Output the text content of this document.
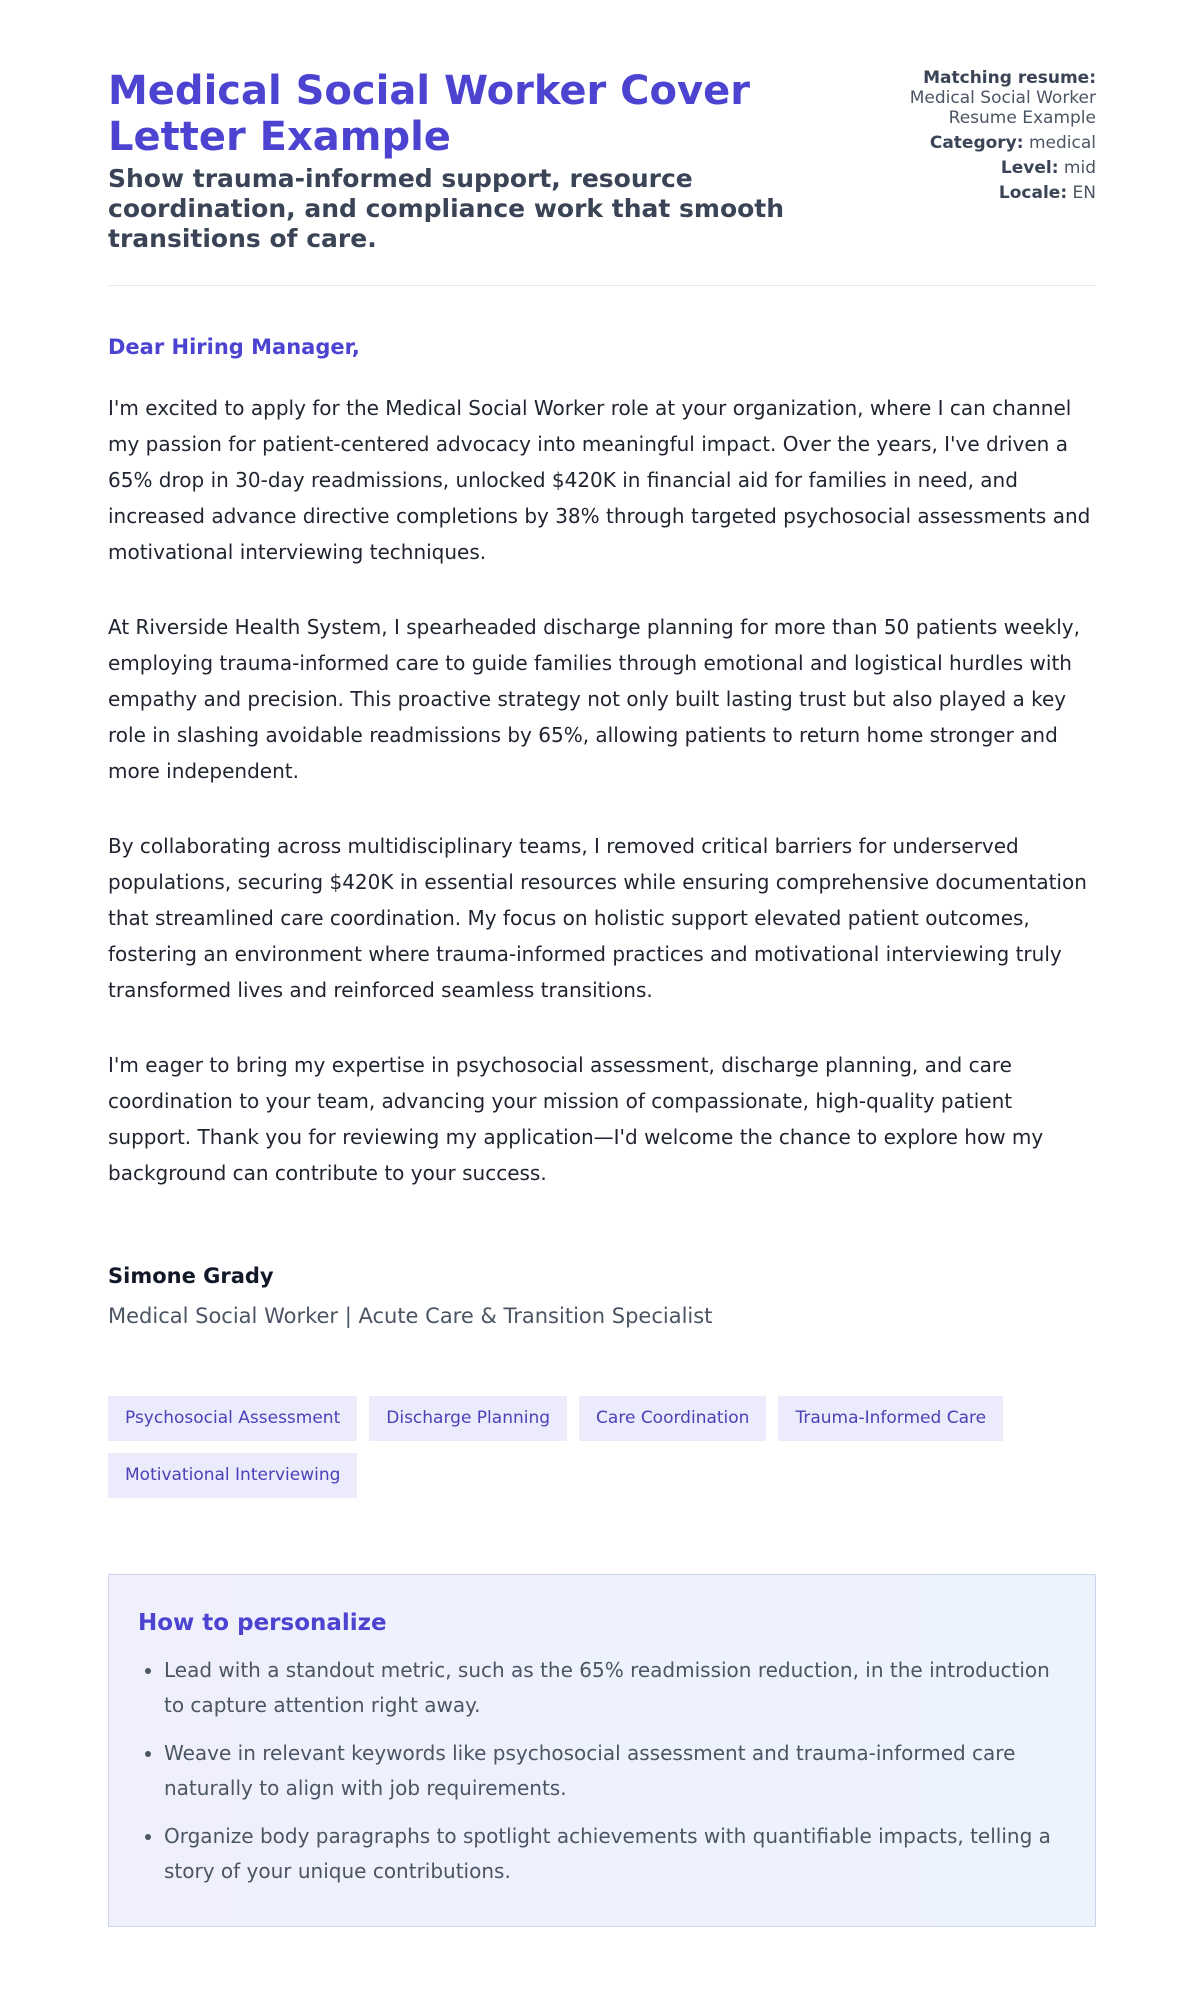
Medical Social Worker Cover Letter Example
Show trauma-informed support, resource coordination, and compliance work that smooth transitions of care.
Matching resume:
Medical Social Worker Resume Example
Category: medical
Level: mid
Locale: EN

Dear Hiring Manager,

I'm excited to apply for the Medical Social Worker role at your organization, where I can channel my passion for patient-centered advocacy into meaningful impact. Over the years, I've driven a 65% drop in 30-day readmissions, unlocked $420K in financial aid for families in need, and increased advance directive completions by 38% through targeted psychosocial assessments and motivational interviewing techniques.

At Riverside Health System, I spearheaded discharge planning for more than 50 patients weekly, employing trauma-informed care to guide families through emotional and logistical hurdles with empathy and precision. This proactive strategy not only built lasting trust but also played a key role in slashing avoidable readmissions by 65%, allowing patients to return home stronger and more independent.

By collaborating across multidisciplinary teams, I removed critical barriers for underserved populations, securing $420K in essential resources while ensuring comprehensive documentation that streamlined care coordination. My focus on holistic support elevated patient outcomes, fostering an environment where trauma-informed practices and motivational interviewing truly transformed lives and reinforced seamless transitions.

I'm eager to bring my expertise in psychosocial assessment, discharge planning, and care coordination to your team, advancing your mission of compassionate, high-quality patient support. Thank you for reviewing my application—I'd welcome the chance to explore how my background can contribute to your success.

Simone Grady

Medical Social Worker | Acute Care & Transition Specialist

Psychosocial Assessment	Discharge Planning	Care Coordination	Trauma-Informed Care
Motivational Interviewing
How to personalize
• Lead with a standout metric, such as the 65% readmission reduction, in the introduction to capture attention right away.
• Weave in relevant keywords like psychosocial assessment and trauma-informed care naturally to align with job requirements.
• Organize body paragraphs to spotlight achievements with quantifiable impacts, telling a story of your unique contributions.
